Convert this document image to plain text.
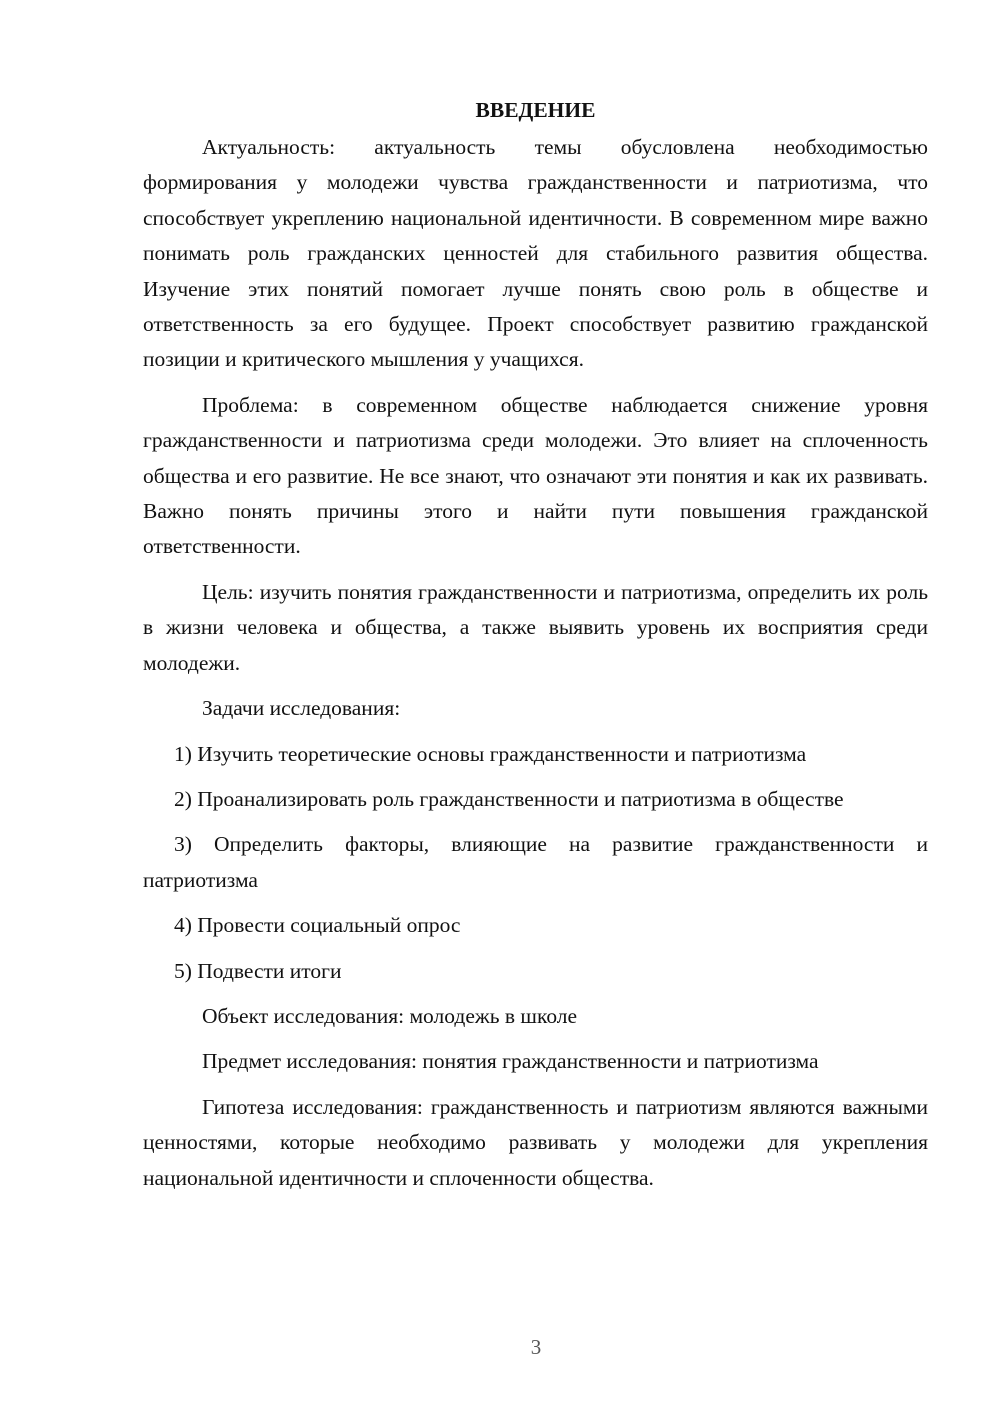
ВВЕДЕНИЕ

Актуальность: актуальность темы обусловлена необходимостью формирования у молодежи чувства гражданственности и патриотизма, что способствует укреплению национальной идентичности. В современном мире важно понимать роль гражданских ценностей для стабильного развития общества. Изучение этих понятий помогает лучше понять свою роль в обществе и ответственность за его будущее. Проект способствует развитию гражданской позиции и критического мышления у учащихся.

Проблема: в современном обществе наблюдается снижение уровня гражданственности и патриотизма среди молодежи. Это влияет на сплоченность общества и его развитие. Не все знают, что означают эти понятия и как их развивать. Важно понять причины этого и найти пути повышения гражданской ответственности.

Цель: изучить понятия гражданственности и патриотизма, определить их роль в жизни человека и общества, а также выявить уровень их восприятия среди молодежи.

Задачи исследования:

1) Изучить теоретические основы гражданственности и патриотизма

2) Проанализировать роль гражданственности и патриотизма в обществе

3) Определить факторы, влияющие на развитие гражданственности и патриотизма

4) Провести социальный опрос

5) Подвести итоги

Объект исследования: молодежь в школе

Предмет исследования: понятия гражданственности и патриотизма

Гипотеза исследования: гражданственность и патриотизм являются важными ценностями, которые необходимо развивать у молодежи для укрепления национальной идентичности и сплоченности общества.

3
